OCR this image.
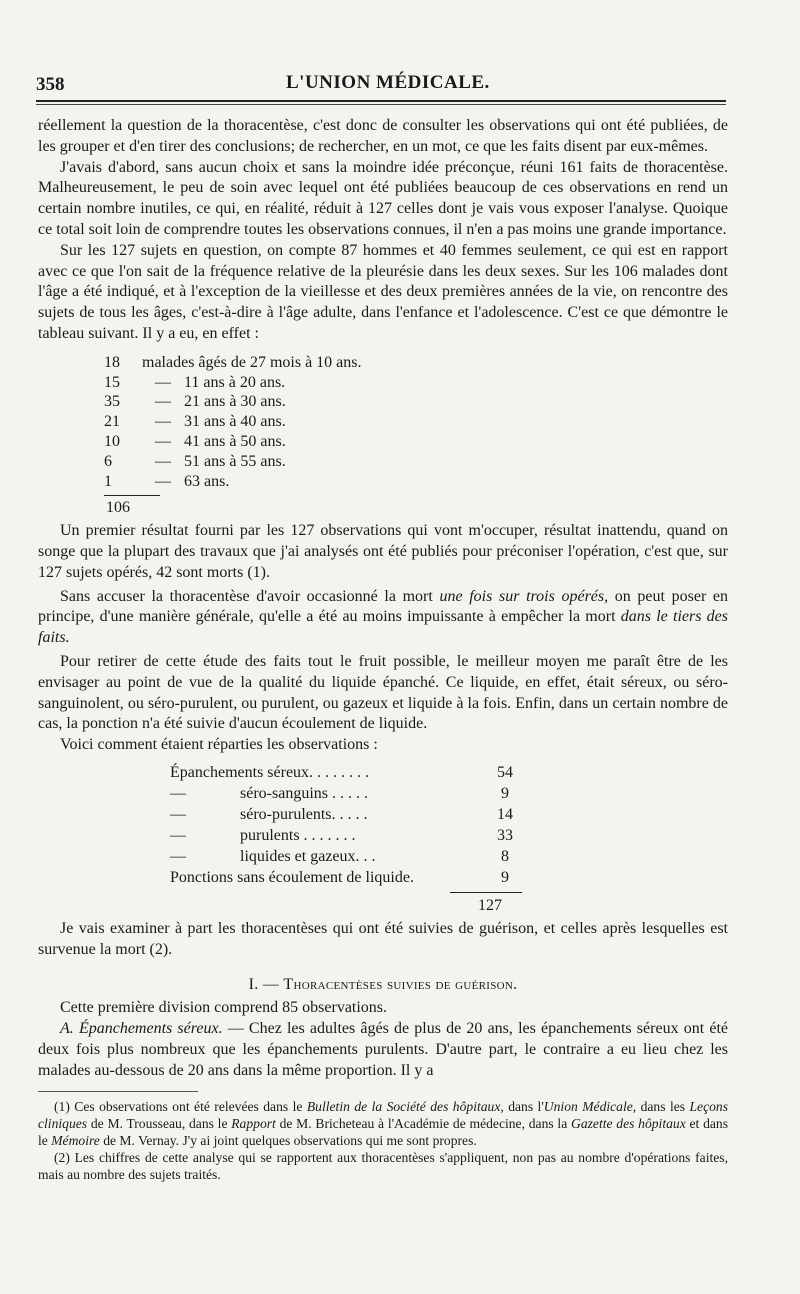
358	L'UNION MÉDICALE.

réellement la question de la thoracentèse, c'est donc de consulter les observations qui ont été publiées, de les grouper et d'en tirer des conclusions; de rechercher, en un mot, ce que les faits disent par eux-mêmes.

J'avais d'abord, sans aucun choix et sans la moindre idée préconçue, réuni 161 faits de thoracentèse. Malheureusement, le peu de soin avec lequel ont été publiées beaucoup de ces observations en rend un certain nombre inutiles, ce qui, en réalité, réduit à 127 celles dont je vais vous exposer l'analyse. Quoique ce total soit loin de comprendre toutes les observations connues, il n'en a pas moins une grande importance.

Sur les 127 sujets en question, on compte 87 hommes et 40 femmes seulement, ce qui est en rapport avec ce que l'on sait de la fréquence relative de la pleurésie dans les deux sexes. Sur les 106 malades dont l'âge a été indiqué, et à l'exception de la vieillesse et des deux premières années de la vie, on rencontre des sujets de tous les âges, c'est-à-dire à l'âge adulte, dans l'enfance et l'adolescence. C'est ce que démontre le tableau suivant. Il y a eu, en effet :

18	malades âgés de 27 mois à 10 ans.
15	— 11 ans à 20 ans.
35	— 21 ans à 30 ans.
21	— 31 ans à 40 ans.
10	— 41 ans à 50 ans.
6	— 51 ans à 55 ans.
1	— 63 ans.
106

Un premier résultat fourni par les 127 observations qui vont m'occuper, résultat inattendu, quand on songe que la plupart des travaux que j'ai analysés ont été publiés pour préconiser l'opération, c'est que, sur 127 sujets opérés, 42 sont morts (1).

Sans accuser la thoracentèse d'avoir occasionné la mort une fois sur trois opérés, on peut poser en principe, d'une manière générale, qu'elle a été au moins impuissante à empêcher la mort dans le tiers des faits.

Pour retirer de cette étude des faits tout le fruit possible, le meilleur moyen me paraît être de les envisager au point de vue de la qualité du liquide épanché. Ce liquide, en effet, était séreux, ou séro-sanguinolent, ou séro-purulent, ou purulent, ou gazeux et liquide à la fois. Enfin, dans un certain nombre de cas, la ponction n'a été suivie d'aucun écoulement de liquide.

Voici comment étaient réparties les observations :

Épanchements séreux. . . . . . . .	54
—	séro-sanguins . . . . .	9
—	séro-purulents. . . . .	14
—	purulents . . . . . . .	33
—	liquides et gazeux. . .	8
Ponctions sans écoulement de liquide.	9
127

Je vais examiner à part les thoracentèses qui ont été suivies de guérison, et celles après lesquelles est survenue la mort (2).

I. — Thoracentèses suivies de guérison.

Cette première division comprend 85 observations.

A. Épanchements séreux. — Chez les adultes âgés de plus de 20 ans, les épanchements séreux ont été deux fois plus nombreux que les épanchements purulents. D'autre part, le contraire a eu lieu chez les malades au-dessous de 20 ans dans la même proportion. Il y a

(1) Ces observations ont été relevées dans le Bulletin de la Société des hôpitaux, dans l'Union Médicale, dans les Leçons cliniques de M. Trousseau, dans le Rapport de M. Bricheteau à l'Académie de médecine, dans la Gazette des hôpitaux et dans le Mémoire de M. Vernay. J'y ai joint quelques observations qui me sont propres.

(2) Les chiffres de cette analyse qui se rapportent aux thoracentèses s'appliquent, non pas au nombre d'opérations faites, mais au nombre des sujets traités.
